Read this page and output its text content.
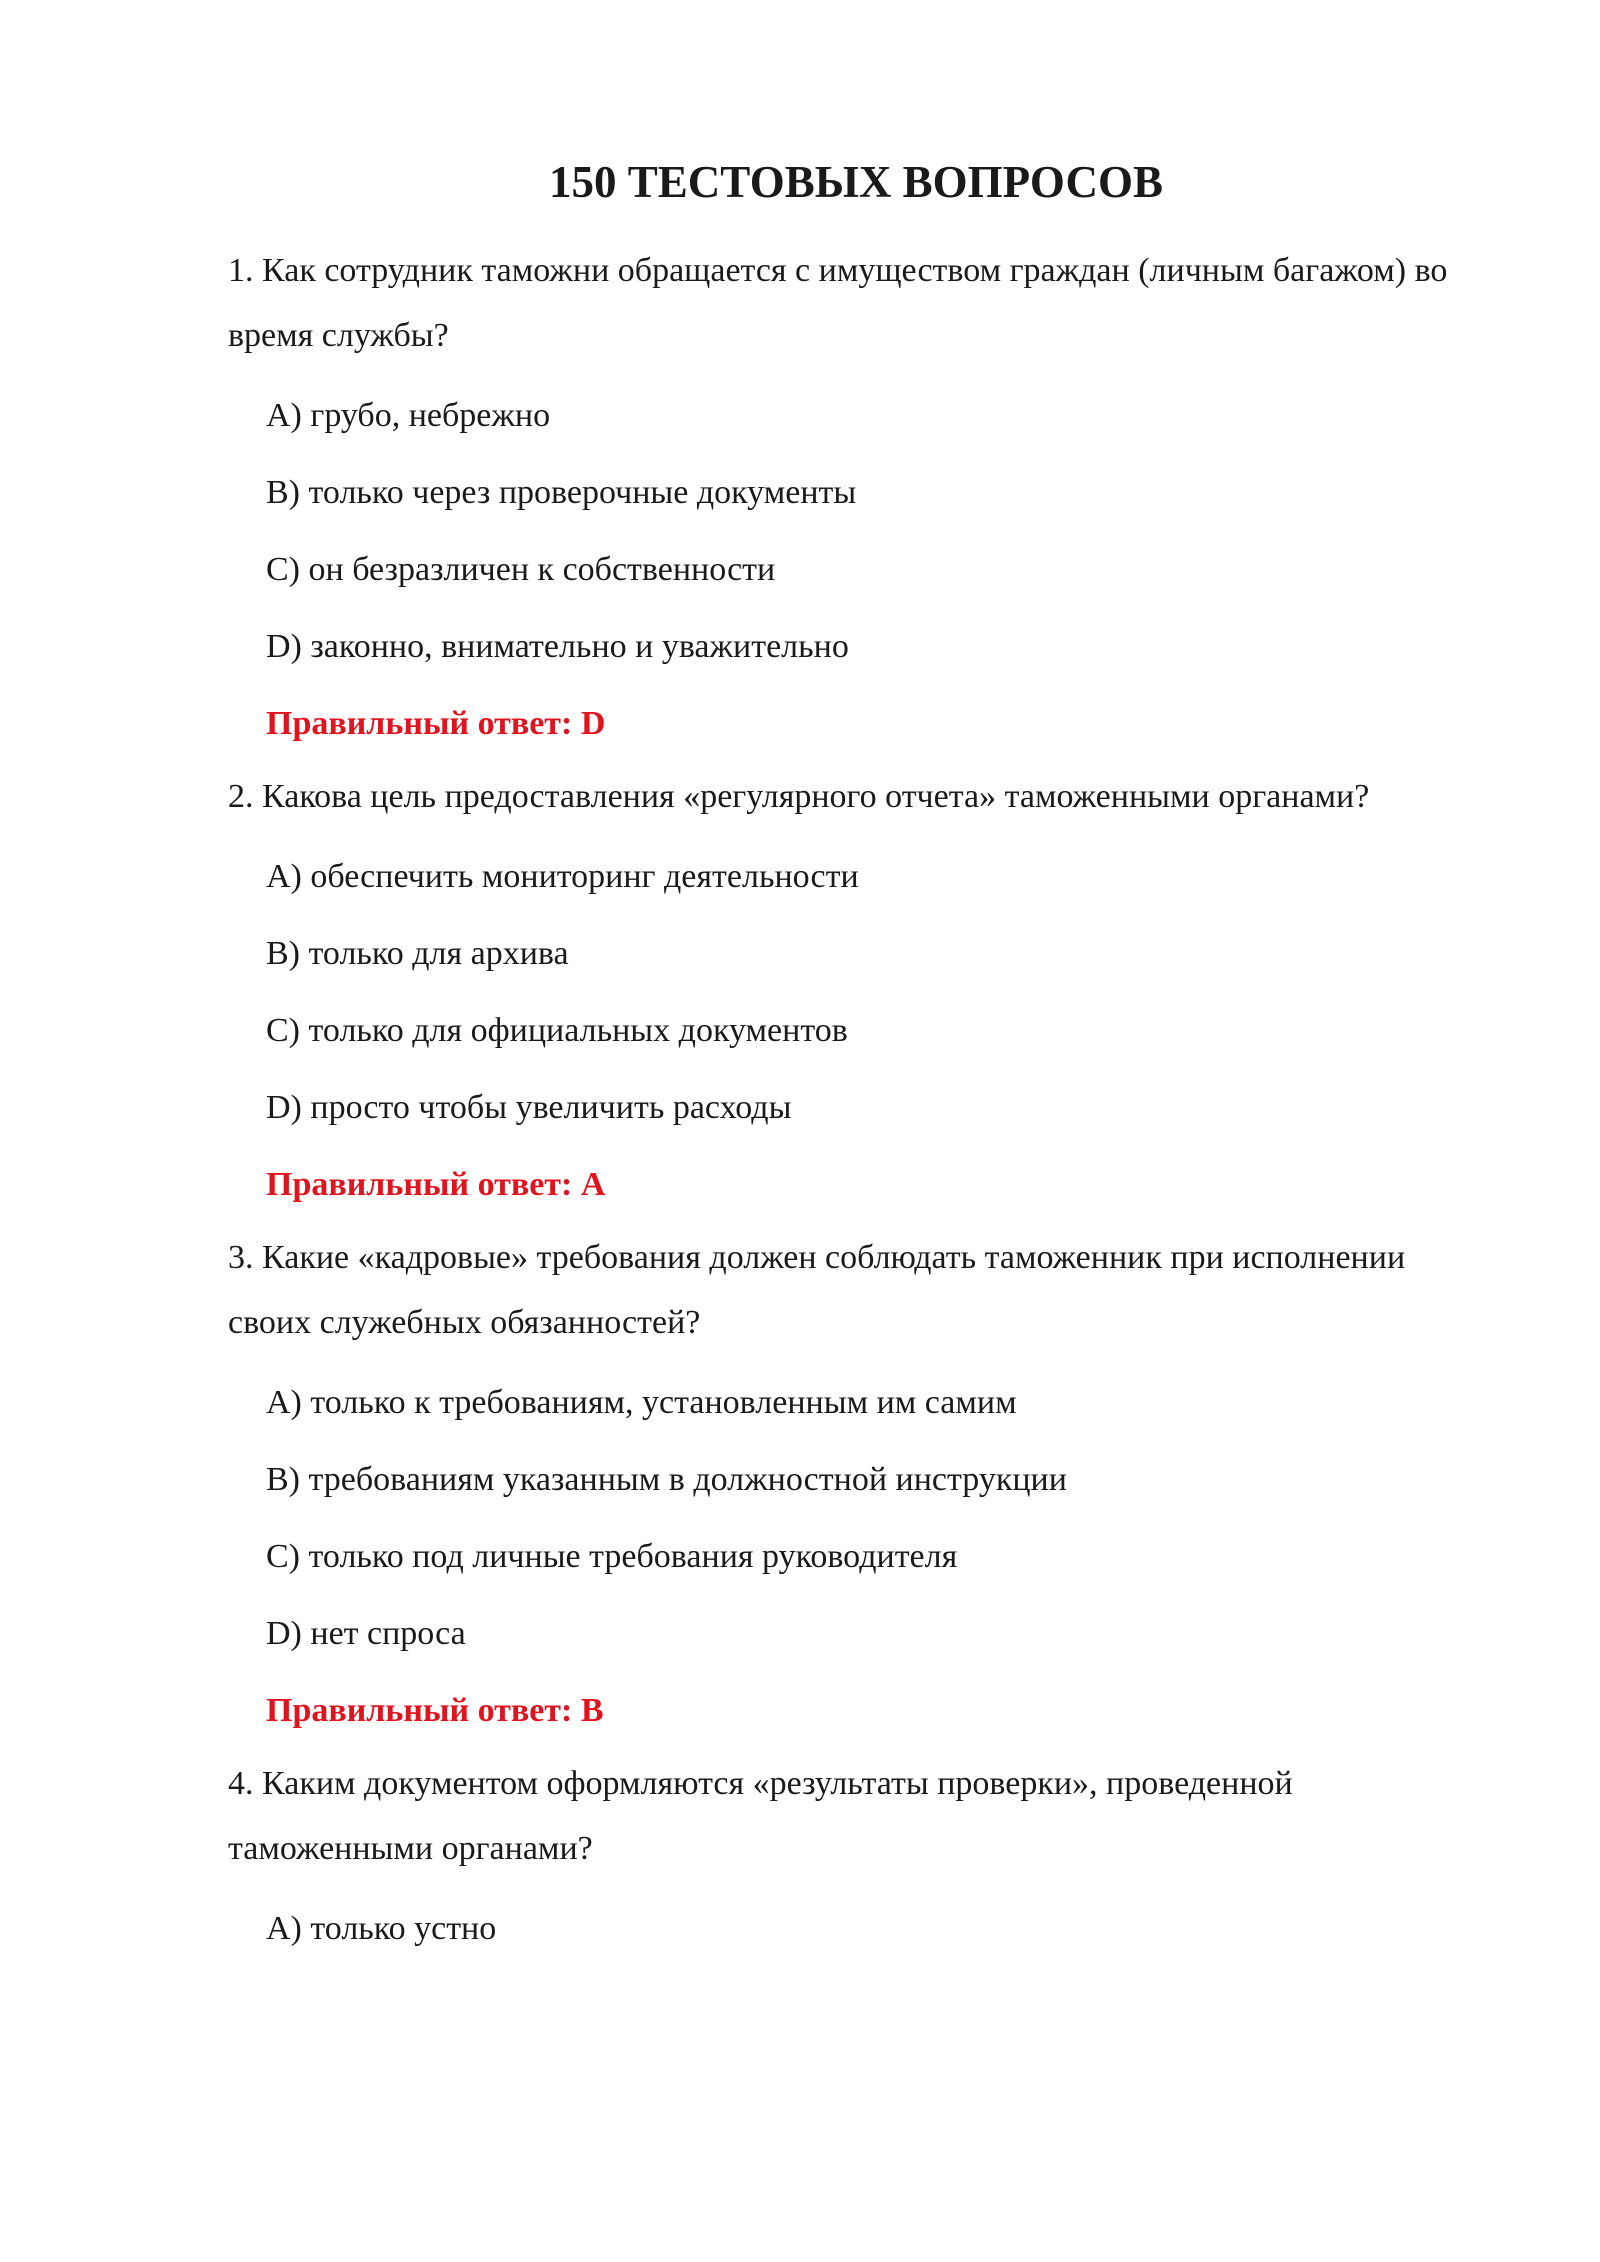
150 ТЕСТОВЫХ ВОПРОСОВ

1. Как сотрудник таможни обращается с имуществом граждан (личным багажом) во время службы?

A) грубо, небрежно
B) только через проверочные документы
C) он безразличен к собственности
D) законно, внимательно и уважительно

Правильный ответ: D

2. Какова цель предоставления «регулярного отчета» таможенными органами?

A) обеспечить мониторинг деятельности
B) только для архива
C) только для официальных документов
D) просто чтобы увеличить расходы

Правильный ответ: A

3. Какие «кадровые» требования должен соблюдать таможенник при исполнении своих служебных обязанностей?

A) только к требованиям, установленным им самим
B) требованиям указанным в должностной инструкции
C) только под личные требования руководителя
D) нет спроса

Правильный ответ: B

4. Каким документом оформляются «результаты проверки», проведенной таможенными органами?

A) только устно
